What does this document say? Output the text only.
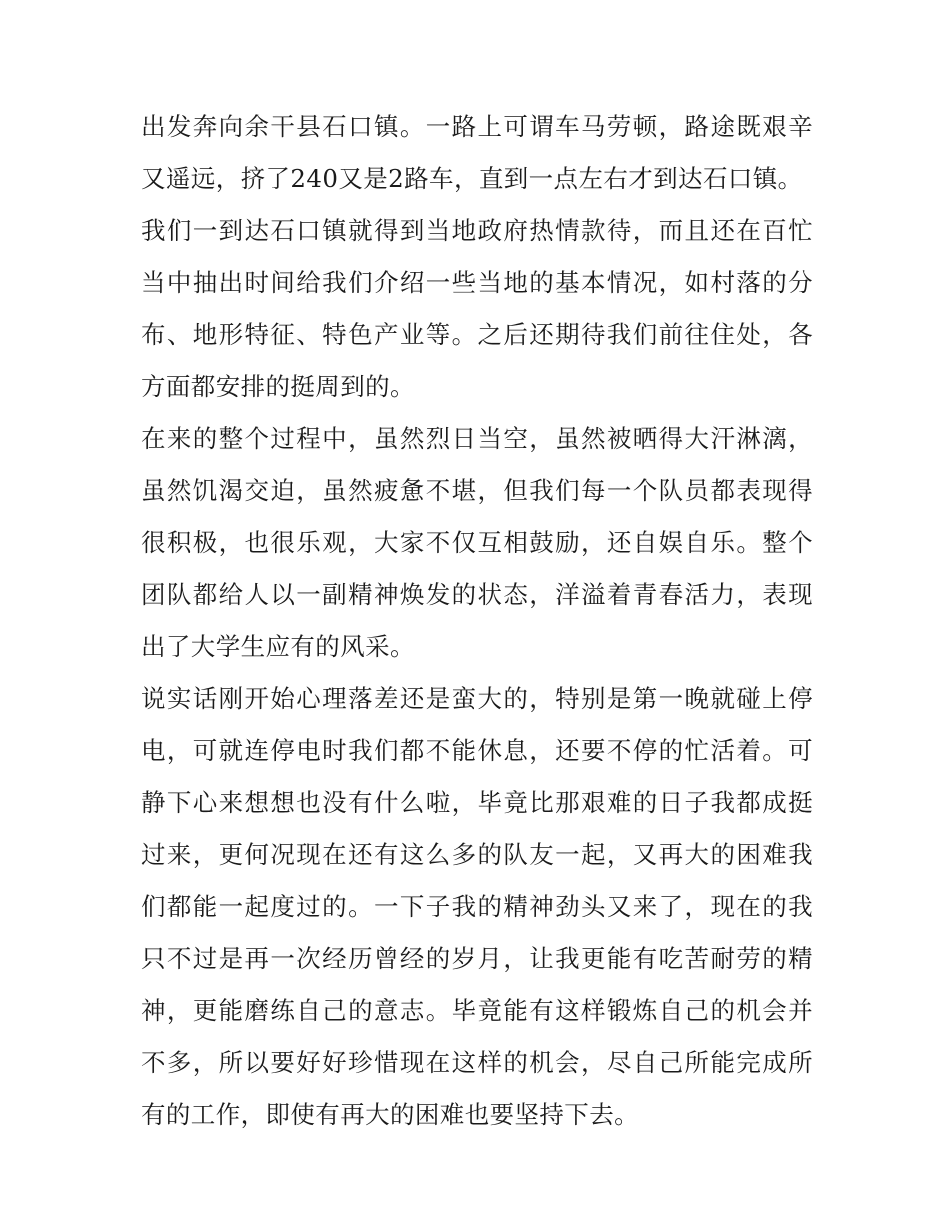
出发奔向余干县石口镇。一路上可谓车马劳顿，路途既艰辛又遥远，挤了240又是2路车，直到一点左右才到达石口镇。

我们一到达石口镇就得到当地政府热情款待，而且还在百忙当中抽出时间给我们介绍一些当地的基本情况，如村落的分布、地形特征、特色产业等。之后还期待我们前往住处，各方面都安排的挺周到的。

在来的整个过程中，虽然烈日当空，虽然被晒得大汗淋漓，虽然饥渴交迫，虽然疲惫不堪，但我们每一个队员都表现得很积极，也很乐观，大家不仅互相鼓励，还自娱自乐。整个团队都给人以一副精神焕发的状态，洋溢着青春活力，表现出了大学生应有的风采。

说实话刚开始心理落差还是蛮大的，特别是第一晚就碰上停电，可就连停电时我们都不能休息，还要不停的忙活着。可静下心来想想也没有什么啦，毕竟比那艰难的日子我都成挺过来，更何况现在还有这么多的队友一起，又再大的困难我们都能一起度过的。一下子我的精神劲头又来了，现在的我只不过是再一次经历曾经的岁月，让我更能有吃苦耐劳的精神，更能磨练自己的意志。毕竟能有这样锻炼自己的机会并不多，所以要好好珍惜现在这样的机会，尽自己所能完成所有的工作，即使有再大的困难也要坚持下去。
